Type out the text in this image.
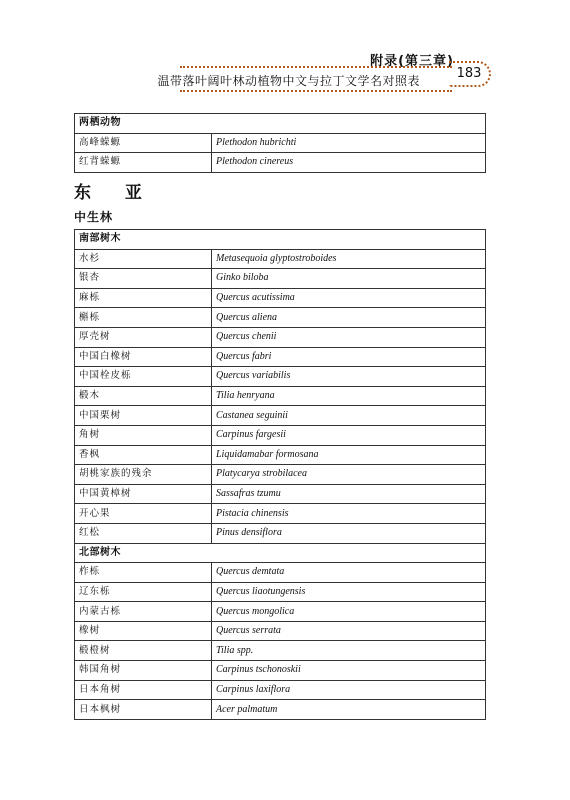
附录(第三章)
183
温带落叶阔叶林动植物中文与拉丁文学名对照表
两栖动物	
高峰蝾螈	Plethodon hubrichti
红背蝾螈	Plethodon cinereus
东 亚
中生林
南部树木	
水杉	Metasequoia glyptostroboides
银杏	Ginko biloba
麻栎	Quercus acutissima
槲栎	Quercus aliena
厚壳树	Quercus chenii
中国白橡树	Quercus fabri
中国栓皮栎	Quercus variabilis
椴木	Tilia henryana
中国栗树	Castanea seguinii
角树	Carpinus fargesii
香枫	Liquidamabar formosana
胡桃家族的残余	Platycarya strobilacea
中国黄樟树	Sassafras tzumu
开心果	Pistacia chinensis
红松	Pinus densiflora
北部树木	
柞栎	Quercus demtata
辽东栎	Quercus liaotungensis
内蒙古栎	Quercus mongolica
橡树	Quercus serrata
椴橙树	Tilia spp.
韩国角树	Carpinus tschonoskii
日本角树	Carpinus laxiflora
日本枫树	Acer palmatum
